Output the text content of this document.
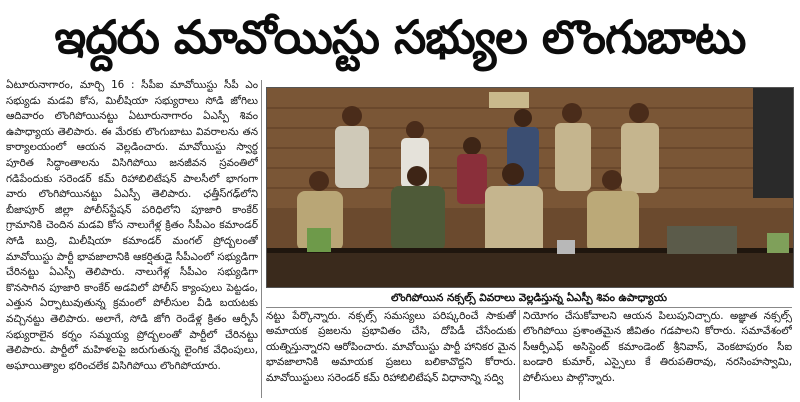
ఇద్దరు మావోయిస్టు సభ్యుల లొంగుబాటు

ఏటూరునాగారం, మార్చి 16 : సీపీఐ మావోయిస్టు సీపీ ఎం సభ్యుడు మడవి కోస, మిలీషియా సభ్యురాలు సోడి జోగిలు ఆదివారం లొంగిపోయినట్టు ఏటూరునాగారం ఏఎస్పీ శివం ఉపాధ్యాయ తెలిపారు. ఈ మేరకు లొంగుబాటు వివరాలను తన కార్యాలయంలో ఆయన వెల్లడించారు. మావోయిస్టు స్వార్థ పూరిత సిద్ధాంతాలను విసిగిపోయి జనజీవన స్రవంతిలో గడిపేందుకు సరెండర్ కమ్ రిహాబిలిటేషన్ పాలసీలో భాగంగా వారు లొంగిపోయినట్టు ఏఎస్పీ తెలిపారు. ఛత్తీస్‌గఢ్‌లోని బీజాపూర్ జిల్లా పోలీస్‌స్టేషన్ పరిధిలోని పూజారి కాంకేర్ గ్రామానికి చెందిన మడవి కోస నాలుగేళ్ల క్రితం సీపీఎం కమాండర్ సోడి బుద్రి, మిలీషియా కమాండర్ మంగల్ ప్రోద్బలంతో మావోయిస్టు పార్టీ భావజాలానికి ఆకర్షితుడై సీపీఎంలో సభ్యుడిగా చేరినట్టు ఏఎస్పీ తెలిపారు. నాలుగేళ్ల సీపీఎం సభ్యుడిగా కొనసాగిన పూజారి కాంకేర్ అడవిలో పోలీస్ క్యాంపులు పెట్టడం, ఎత్తున ఏర్పాటువుతున్న క్రమంలో పోలీసుల వీడి బయటకు వచ్చినట్టు తెలిపారు. అలాగే, సోడి జోగి రెండేళ్ల క్రితం ఆర్పీసీ సభ్యురాలైన కర్నం సమ్మయ్య ప్రోద్బలంతో పార్టీలో చేరినట్టు తెలిపారు. పార్టీలో మహిళలపై జరుగుతున్న లైంగిక వేధింపులు, అఘాయిత్యాల భరించలేక విసిగిపోయి లొంగిపోయారు.

లొంగిపోయిన నక్సల్స్ వివరాలు వెల్లడిస్తున్న ఏఎస్పీ శివం ఉపాధ్యాయ

నట్టు పేర్కొన్నారు. నక్సల్స్ సమస్యలు పరిష్కరించే సాకుతో అమాయక ప్రజలను ప్రభావితం చేసి, దోపిడీ చేసేందుకు యత్నిస్తున్నారని ఆరోపించారు. మావోయిస్టు పార్టీ హానికర మైన భావజాలానికి అమాయక ప్రజలు బలికావొద్దని కోరారు. మావోయిస్టులు సరెండర్ కమ్ రిహాబిలిటేషన్ విధానాన్ని సద్వి

నియోగం చేసుకోవాలని ఆయన పిలుపునిచ్చారు. అజ్ఞాత నక్సల్స్ లొంగిపోయి ప్రశాంతమైన జీవితం గడపాలని కోరారు. సమావేశంలో సీఆర్పీఎఫ్ అసిస్టెంట్ కమాండెంట్ శ్రీనివాస్, వెంకటాపురం సీఐ బండారి కుమార్, ఎస్సైలు కే తిరుపతిరావు, నరసింహస్వామి, పోలీసులు పాల్గొన్నారు.
